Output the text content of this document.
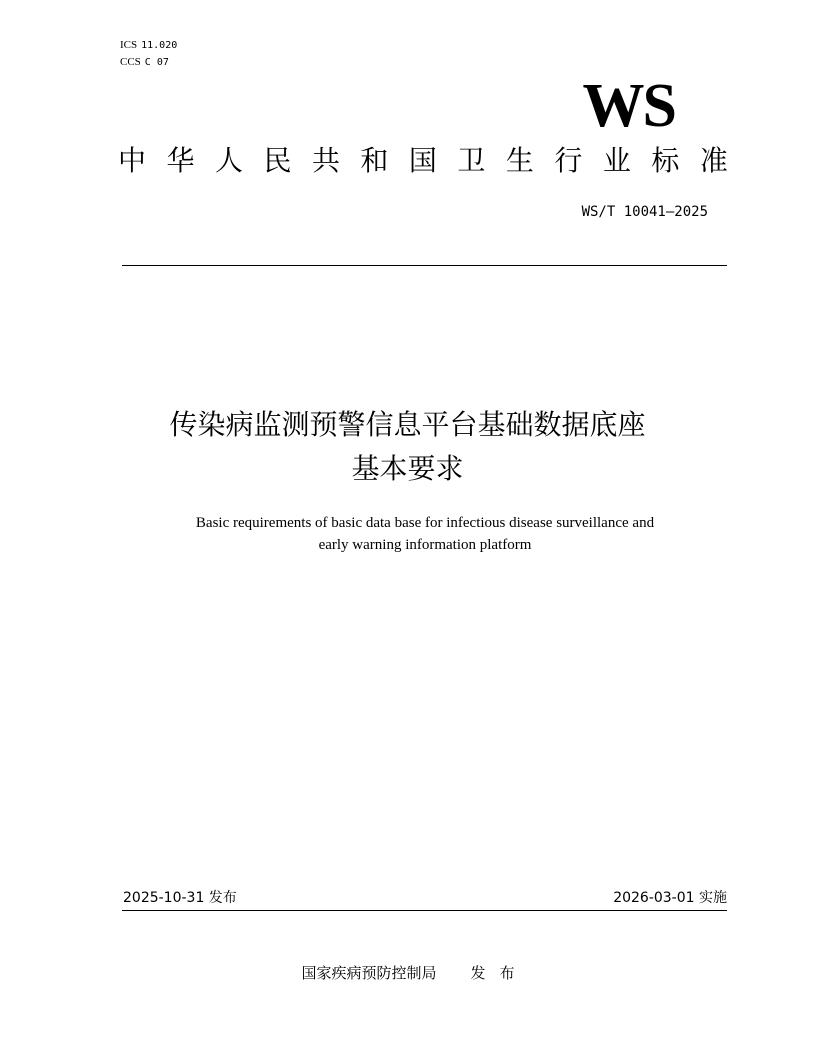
ICS 11.020
CCS C 07
WS
中 华 人 民 共 和 国 卫 生 行 业 标 准
WS/T 10041—2025
传染病监测预警信息平台基础数据底座
基本要求
Basic requirements of basic data base for infectious disease surveillance and
early warning information platform
2025-10-31 发布	2026-03-01 实施
国家疾病预防控制局 发布
